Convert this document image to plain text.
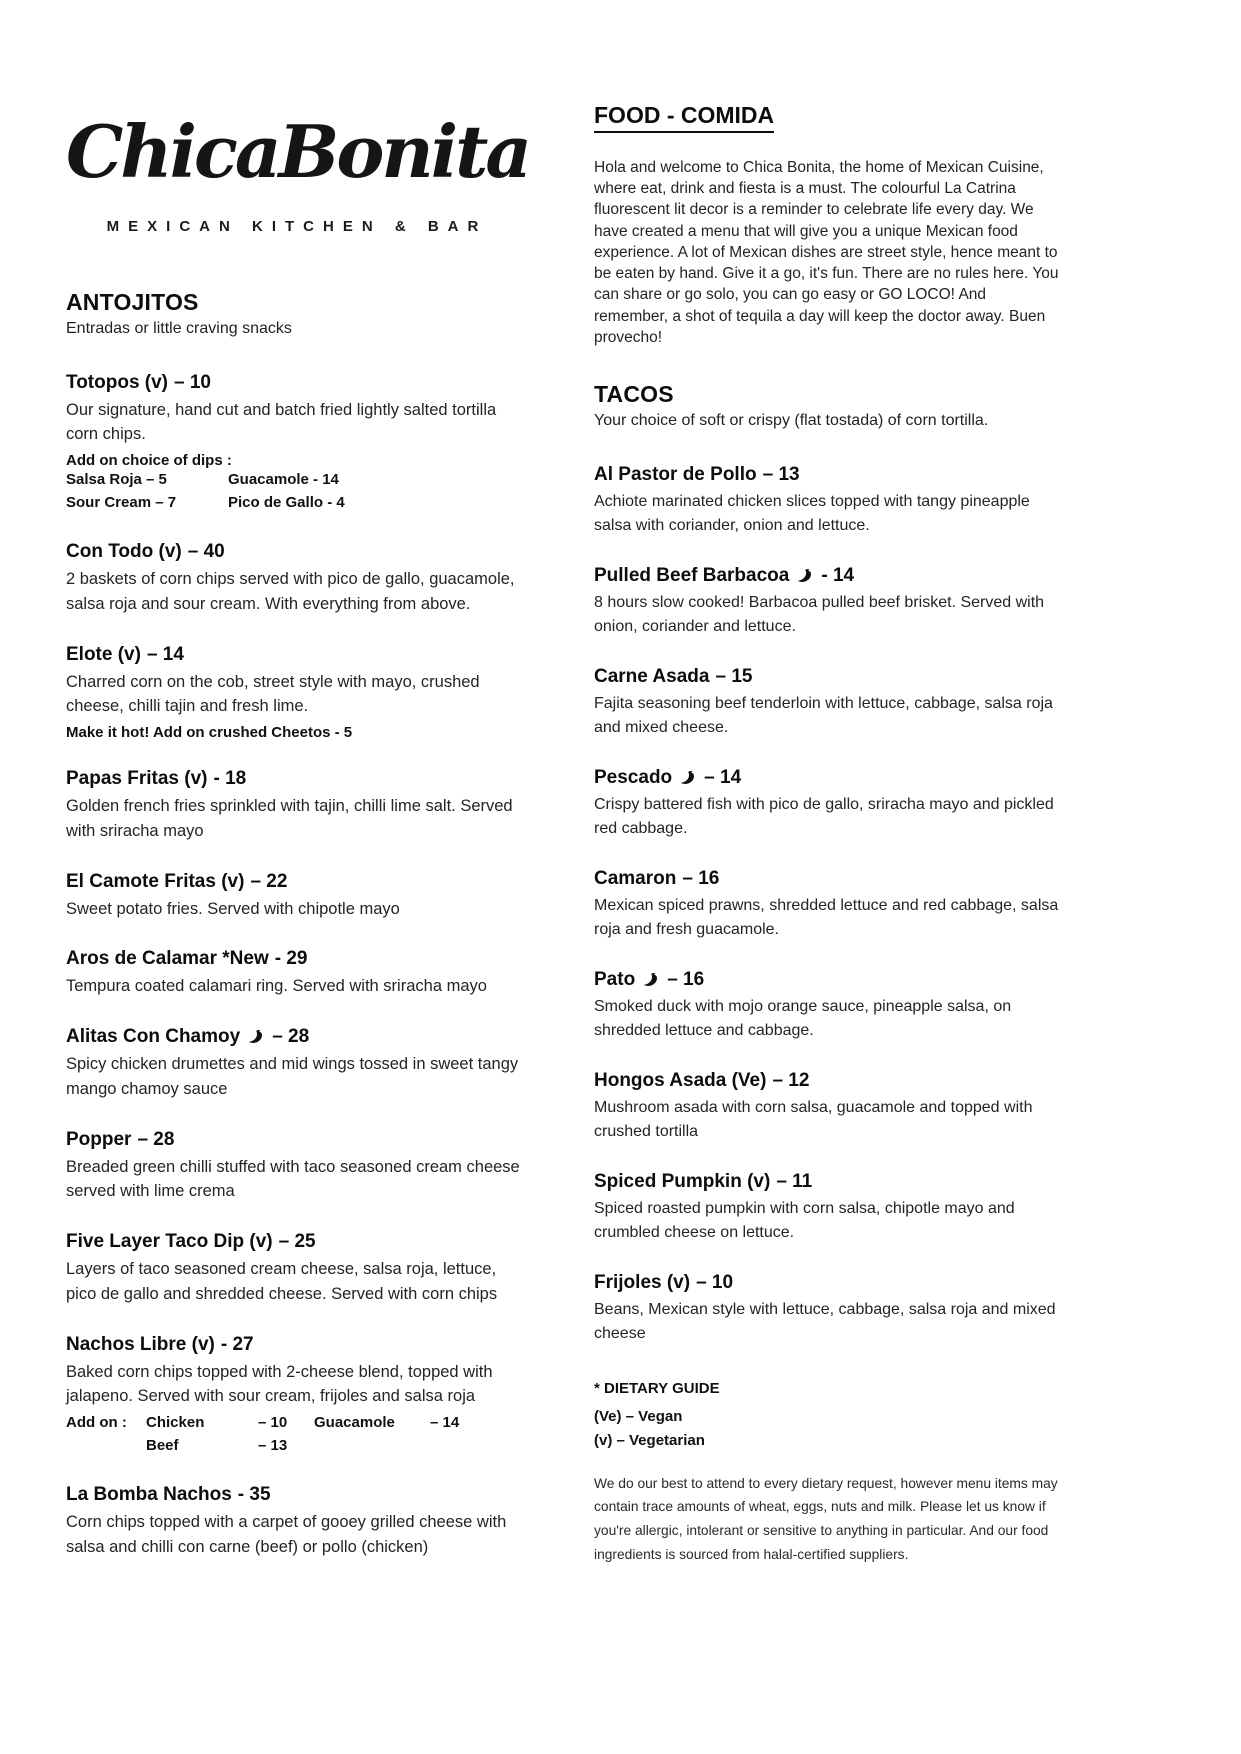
ChicaBonita
MEXICAN KITCHEN & BAR
ANTOJITOS
Entradas or little craving snacks
Totopos (v) – 10

Our signature, hand cut and batch fried lightly salted tortilla corn chips.

Add on choice of dips :
Salsa Roja – 5	Guacamole - 14
Sour Cream – 7	Pico de Gallo - 4
Con Todo (v) – 40

2 baskets of corn chips served with pico de gallo, guacamole, salsa roja and sour cream. With everything from above.

Elote (v) – 14

Charred corn on the cob, street style with mayo, crushed cheese, chilli tajin and fresh lime.

Make it hot! Add on crushed Cheetos - 5
Papas Fritas (v) - 18

Golden french fries sprinkled with tajin, chilli lime salt. Served with sriracha mayo

El Camote Fritas (v) – 22

Sweet potato fries. Served with chipotle mayo

Aros de Calamar *New - 29

Tempura coated calamari ring. Served with sriracha mayo

Alitas Con Chamoy – 28

Spicy chicken drumettes and mid wings tossed in sweet tangy mango chamoy sauce

Popper – 28

Breaded green chilli stuffed with taco seasoned cream cheese served with lime crema

Five Layer Taco Dip (v) – 25

Layers of taco seasoned cream cheese, salsa roja, lettuce, pico de gallo and shredded cheese. Served with corn chips

Nachos Libre (v) - 27

Baked corn chips topped with 2-cheese blend, topped with jalapeno. Served with sour cream, frijoles and salsa roja

Add on :	Chicken	– 10	Guacamole	– 14
Beef	– 13
La Bomba Nachos - 35

Corn chips topped with a carpet of gooey grilled cheese with salsa and chilli con carne (beef) or pollo (chicken)

FOOD - COMIDA

Hola and welcome to Chica Bonita, the home of Mexican Cuisine, where eat, drink and fiesta is a must. The colourful La Catrina fluorescent lit decor is a reminder to celebrate life every day. We have created a menu that will give you a unique Mexican food experience. A lot of Mexican dishes are street style, hence meant to be eaten by hand. Give it a go, it's fun. There are no rules here. You can share or go solo, you can go easy or GO LOCO! And remember, a shot of tequila a day will keep the doctor away. Buen provecho!

TACOS
Your choice of soft or crispy (flat tostada) of corn tortilla.
Al Pastor de Pollo – 13

Achiote marinated chicken slices topped with tangy pineapple salsa with coriander, onion and lettuce.

Pulled Beef Barbacoa - 14

8 hours slow cooked! Barbacoa pulled beef brisket. Served with onion, coriander and lettuce.

Carne Asada – 15

Fajita seasoning beef tenderloin with lettuce, cabbage, salsa roja and mixed cheese.

Pescado – 14

Crispy battered fish with pico de gallo, sriracha mayo and pickled red cabbage.

Camaron – 16

Mexican spiced prawns, shredded lettuce and red cabbage, salsa roja and fresh guacamole.

Pato – 16

Smoked duck with mojo orange sauce, pineapple salsa, on shredded lettuce and cabbage.

Hongos Asada (Ve) – 12

Mushroom asada with corn salsa, guacamole and topped with crushed tortilla

Spiced Pumpkin (v) – 11

Spiced roasted pumpkin with corn salsa, chipotle mayo and crumbled cheese on lettuce.

Frijoles (v) – 10

Beans, Mexican style with lettuce, cabbage, salsa roja and mixed cheese

* DIETARY GUIDE
(Ve) – Vegan
(v) – Vegetarian

We do our best to attend to every dietary request, however menu items may contain trace amounts of wheat, eggs, nuts and milk. Please let us know if you're allergic, intolerant or sensitive to anything in particular. And our food ingredients is sourced from halal-certified suppliers.
